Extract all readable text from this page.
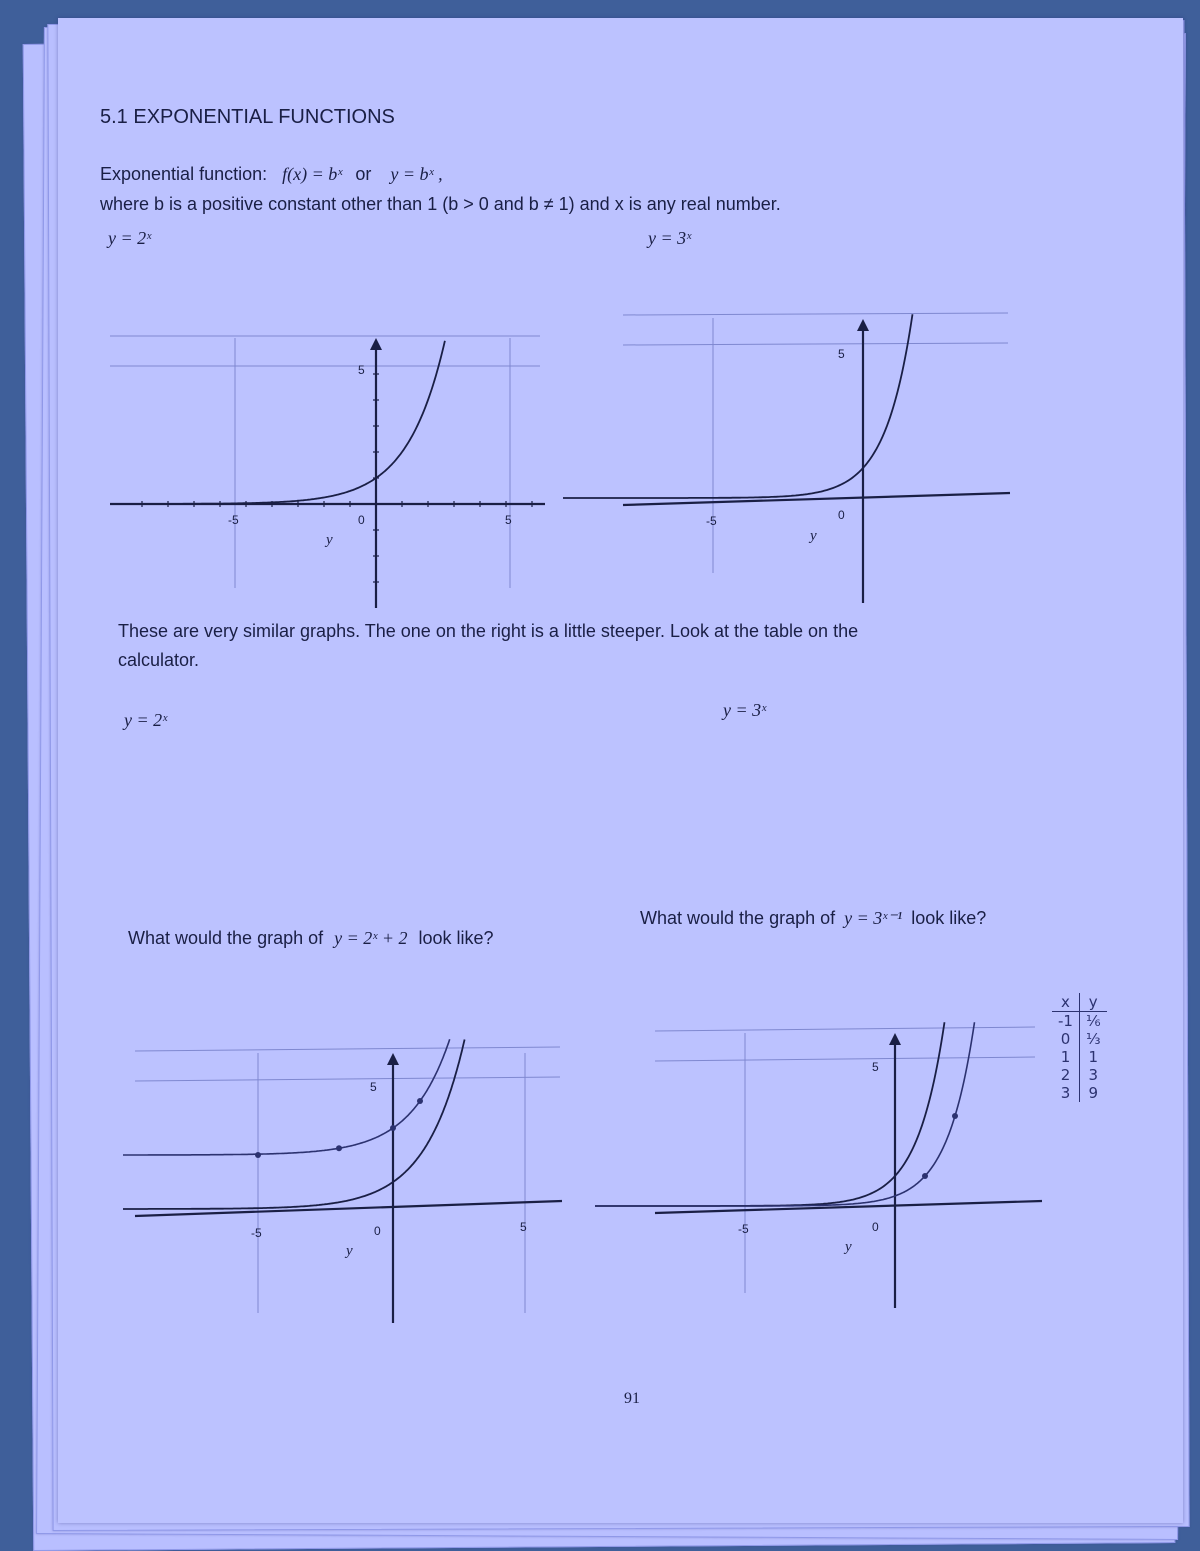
5.1 EXPONENTIAL FUNCTIONS
Exponential function: f(x) = bˣ or y = bˣ ,
where b is a positive constant other than 1 (b > 0 and b ≠ 1) and x is any real number.
y = 2ˣ	y = 3ˣ
5
-5	0	5
y
5
-5	0
y
These are very similar graphs. The one on the right is a little steeper. Look at the table on the
calculator.
y = 2ˣ	y = 3ˣ
What would the graph of y = 2ˣ + 2 look like?
What would the graph of y = 3ˣ⁻¹ look like?
5
-5	0	5
y
5
-5	0
y
x	y
-1	⅙
0	⅓
1	1
2	3
3	9
91
